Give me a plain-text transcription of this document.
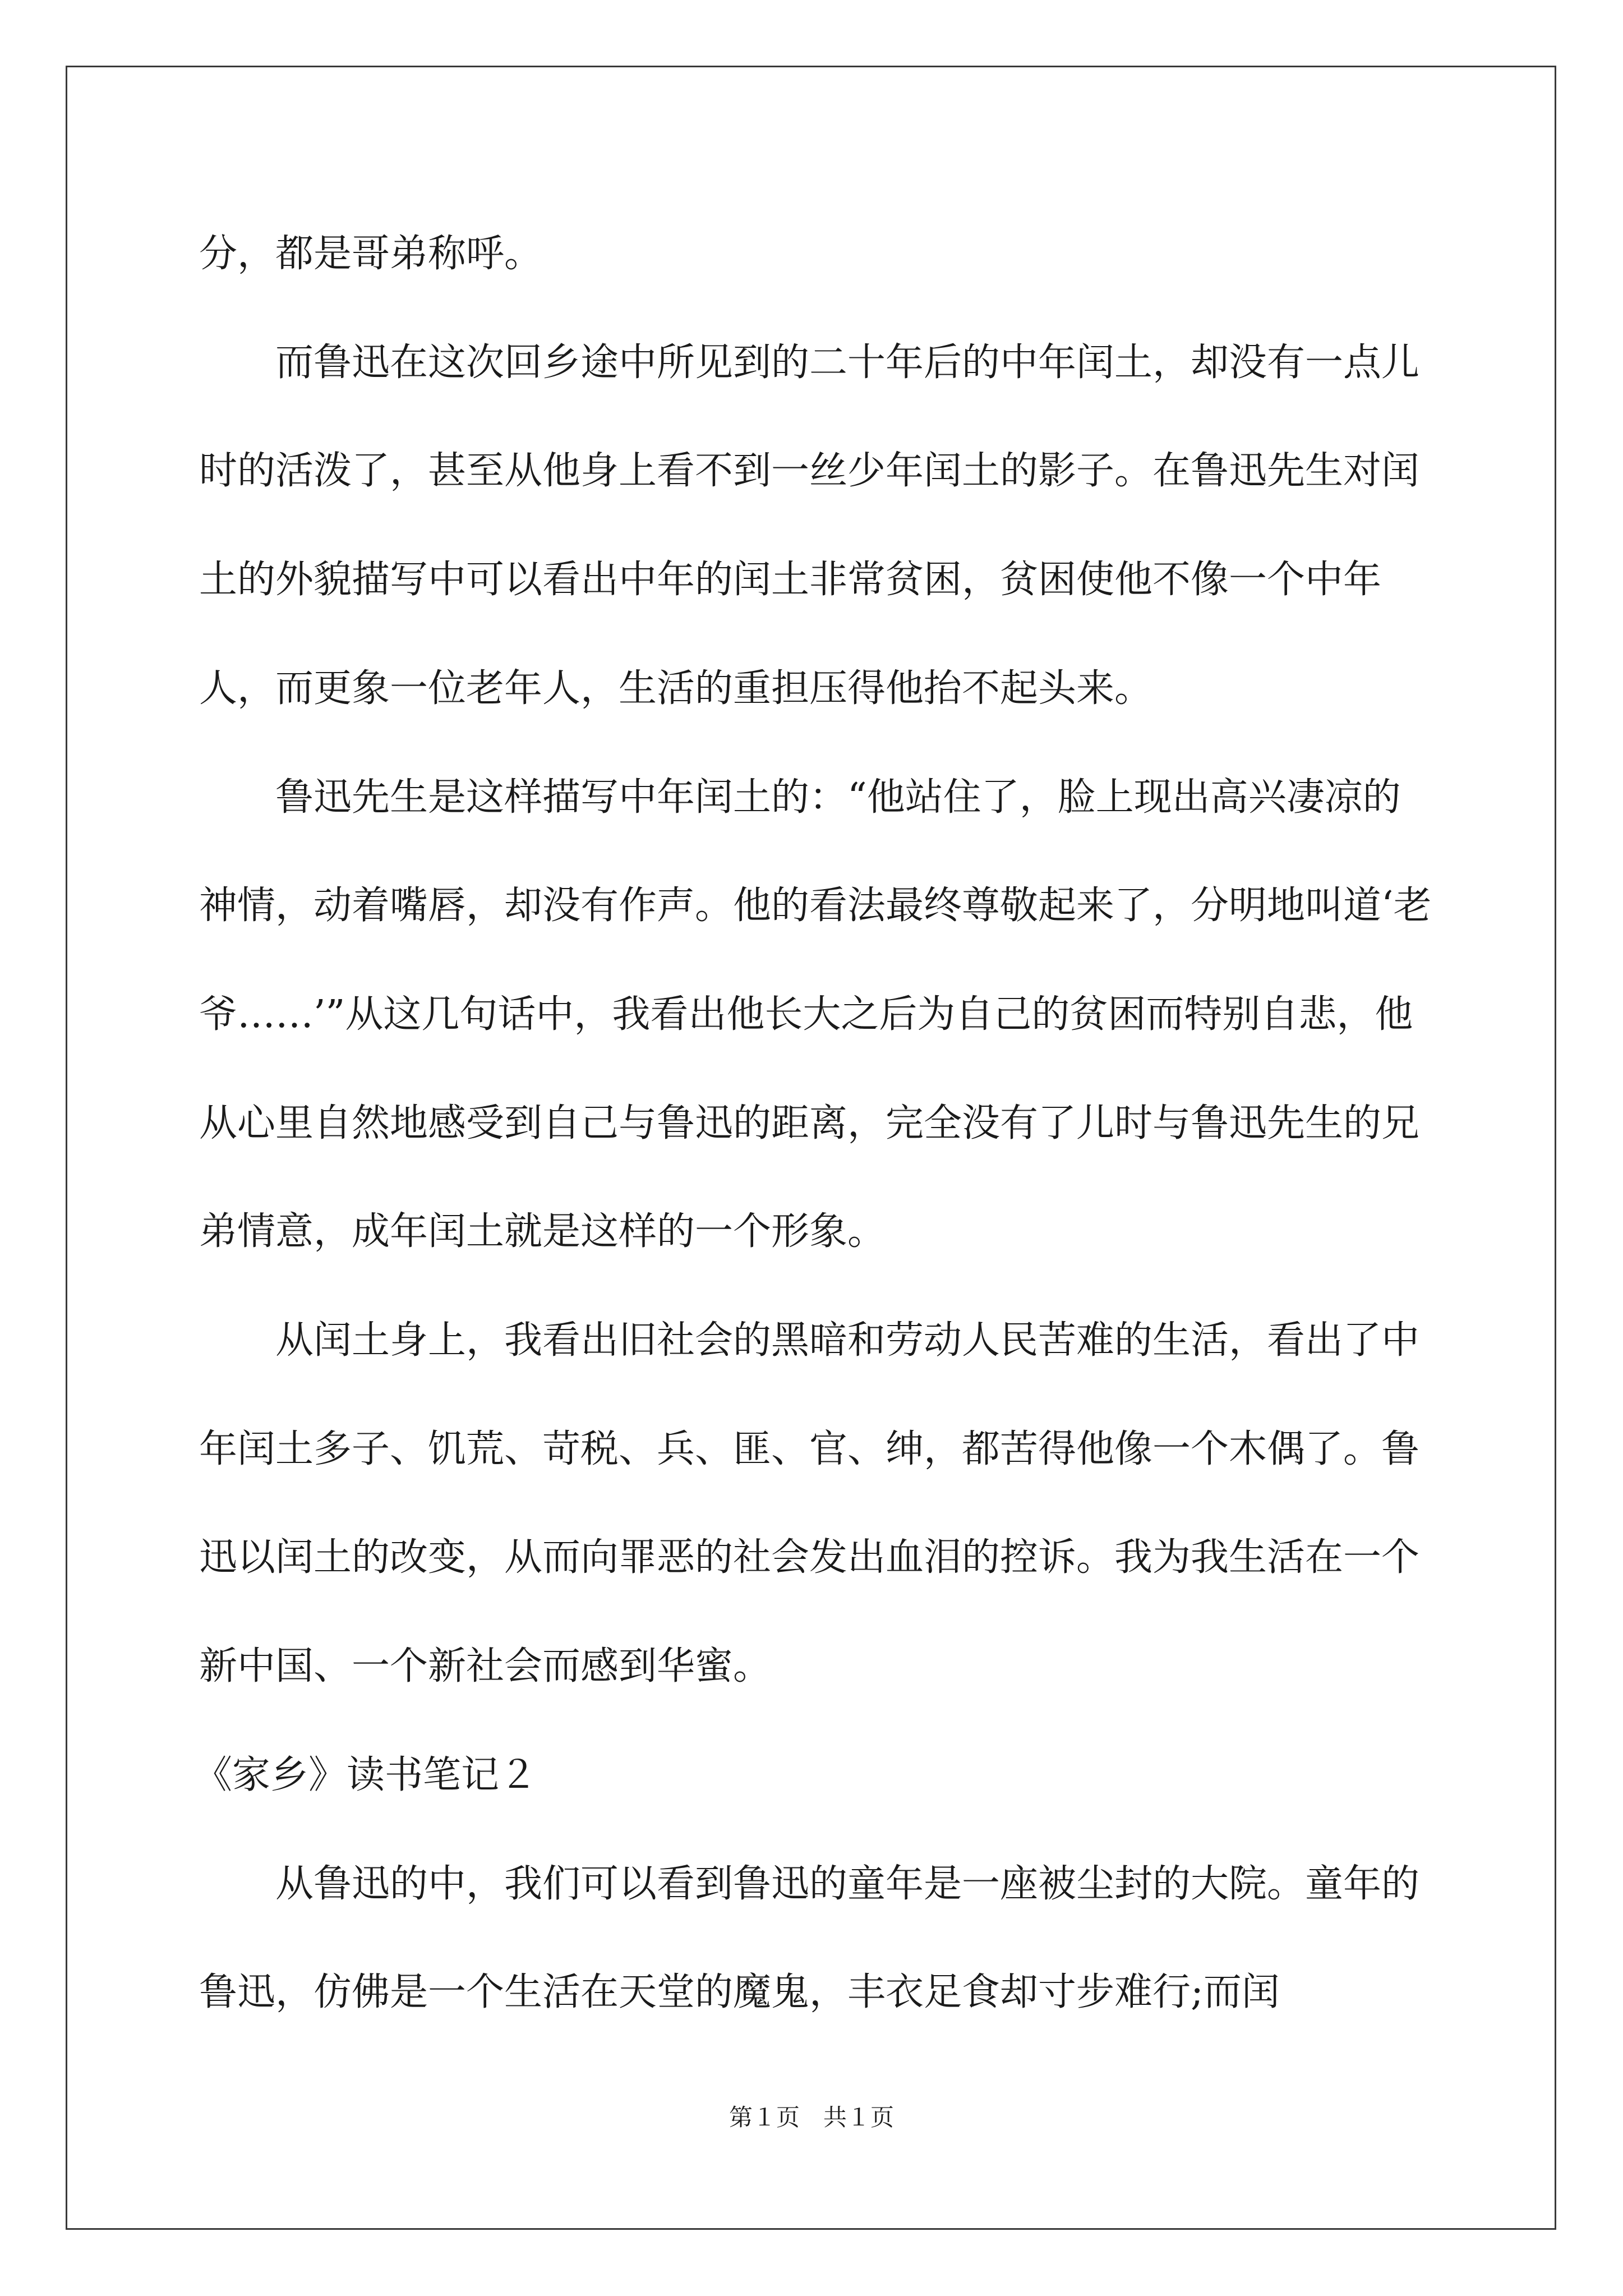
分，都是哥弟称呼。

而鲁迅在这次回乡途中所见到的二十年后的中年闰土，却没有一点儿时的活泼了，甚至从他身上看不到一丝少年闰土的影子。在鲁迅先生对闰土的外貌描写中可以看出中年的闰土非常贫困，贫困使他不像一个中年人，而更象一位老年人，生活的重担压得他抬不起头来。

鲁迅先生是这样描写中年闰土的：“他站住了，脸上现出高兴凄凉的神情，动着嘴唇，却没有作声。他的看法最终尊敬起来了，分明地叫道‘老爷……’”从这几句话中，我看出他长大之后为自己的贫困而特别自悲，他从心里自然地感受到自己与鲁迅的距离，完全没有了儿时与鲁迅先生的兄弟情意，成年闰土就是这样的一个形象。

从闰土身上，我看出旧社会的黑暗和劳动人民苦难的生活，看出了中年闰土多子、饥荒、苛税、兵、匪、官、绅，都苦得他像一个木偶了。鲁迅以闰土的改变，从而向罪恶的社会发出血泪的控诉。我为我生活在一个新中国、一个新社会而感到华蜜。

《家乡》读书笔记２

从鲁迅的中，我们可以看到鲁迅的童年是一座被尘封的大院。童年的鲁迅，仿佛是一个生活在天堂的魔鬼，丰衣足食却寸步难行;而闰

第１页　共１页
